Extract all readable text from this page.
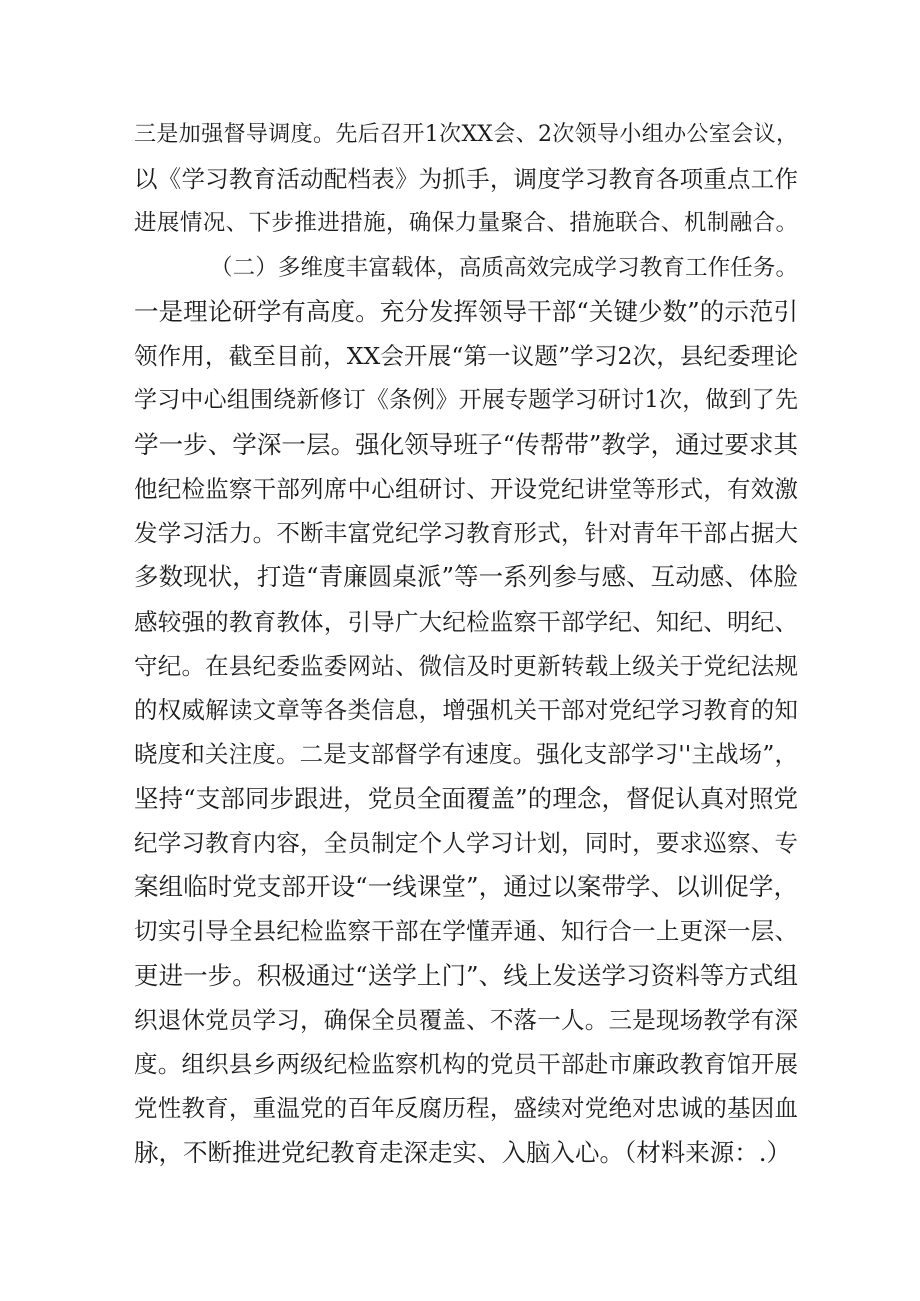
三是加强督导调度。先后召开1次XX会、2次领导小组办公室会议，
以《学习教育活动配档表》为抓手，调度学习教育各项重点工作
进展情况、下步推进措施，确保力量聚合、措施联合、机制融合。
（二）多维度丰富载体，高质高效完成学习教育工作任务。
一是理论研学有高度。充分发挥领导干部“关键少数”的示范引
领作用，截至目前，XX会开展“第一议题”学习2次，县纪委理论
学习中心组围绕新修订《条例》开展专题学习研讨1次，做到了先
学一步、学深一层。强化领导班子“传帮带”教学，通过要求其
他纪检监察干部列席中心组研讨、开设党纪讲堂等形式，有效激
发学习活力。不断丰富党纪学习教育形式，针对青年干部占据大
多数现状，打造“青廉圆桌派”等一系列参与感、互动感、体脸
感较强的教育教体，引导广大纪检监察干部学纪、知纪、明纪、
守纪。在县纪委监委网站、微信及时更新转载上级关于党纪法规
的权威解读文章等各类信息，增强机关干部对党纪学习教育的知
晓度和关注度。二是支部督学有速度。强化支部学习''主战场”，
坚持“支部同步跟进，党员全面覆盖”的理念，督促认真对照党
纪学习教育内容，全员制定个人学习计划，同时，要求巡察、专
案组临时党支部开设“一线课堂”，通过以案带学、以训促学，
切实引导全县纪检监察干部在学懂弄通、知行合一上更深一层、
更进一步。积极通过“送学上门”、线上发送学习资料等方式组
织退休党员学习，确保全员覆盖、不落一人。三是现场教学有深
度。组织县乡两级纪检监察机构的党员干部赴市廉政教育馆开展
党性教育，重温党的百年反腐历程，盛续对党绝对忠诚的基因血
脉，不断推进党纪教育走深走实、入脑入心。（材料来源：.）
